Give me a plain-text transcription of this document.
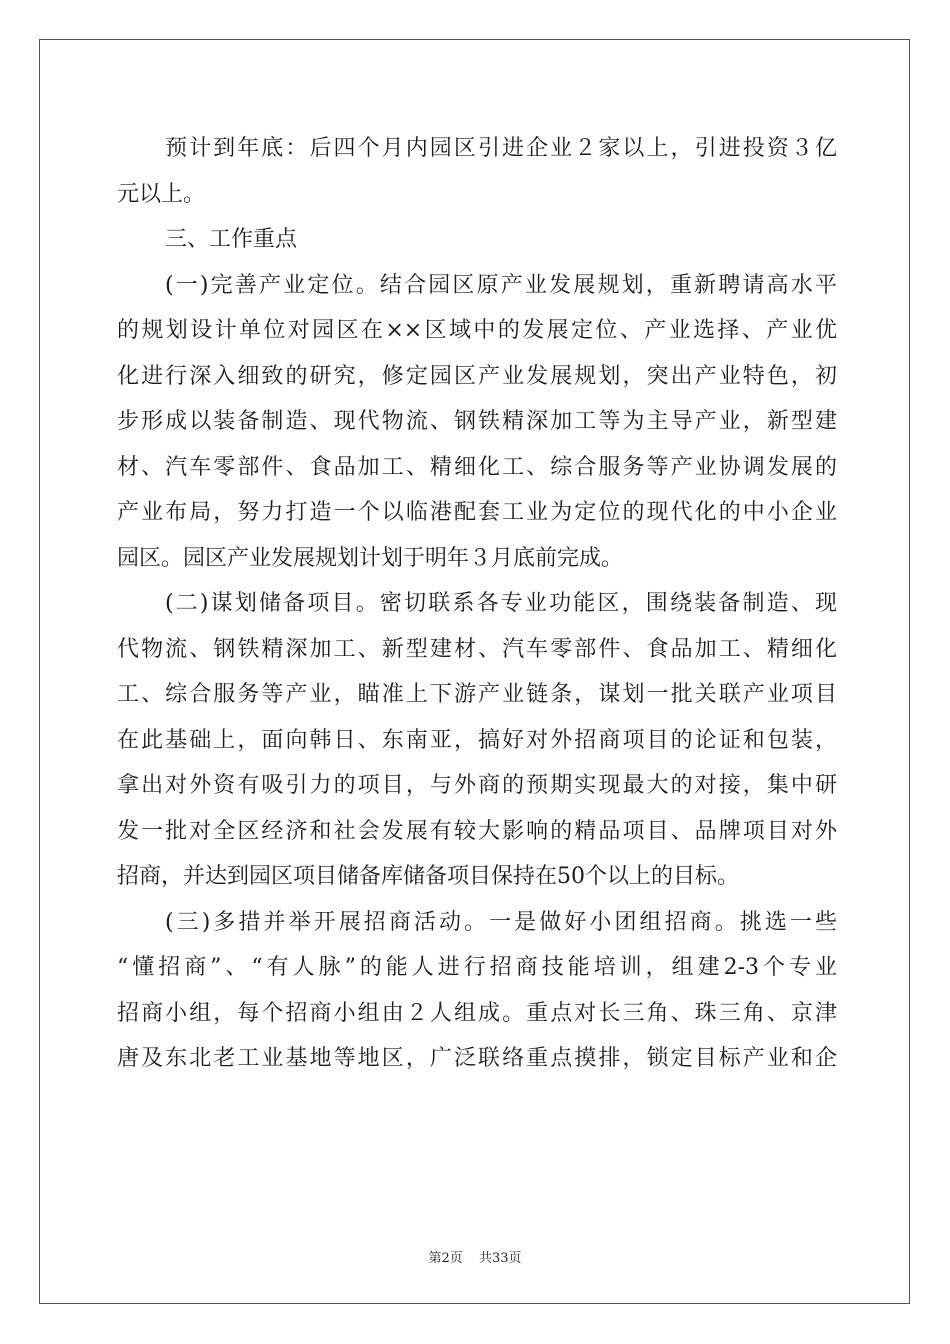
预计到年底：后四个月内园区引进企业２家以上，引进投资３亿
元以上。
三、工作重点
(一)完善产业定位。结合园区原产业发展规划，重新聘请高水平
的规划设计单位对园区在××区域中的发展定位、产业选择、产业优
化进行深入细致的研究，修定园区产业发展规划，突出产业特色，初
步形成以装备制造、现代物流、钢铁精深加工等为主导产业，新型建
材、汽车零部件、食品加工、精细化工、综合服务等产业协调发展的
产业布局，努力打造一个以临港配套工业为定位的现代化的中小企业
园区。园区产业发展规划计划于明年３月底前完成。
(二)谋划储备项目。密切联系各专业功能区，围绕装备制造、现
代物流、钢铁精深加工、新型建材、汽车零部件、食品加工、精细化
工、综合服务等产业，瞄准上下游产业链条，谋划一批关联产业项目
在此基础上，面向韩日、东南亚，搞好对外招商项目的论证和包装，
拿出对外资有吸引力的项目，与外商的预期实现最大的对接，集中研
发一批对全区经济和社会发展有较大影响的精品项目、品牌项目对外
招商，并达到园区项目储备库储备项目保持在50个以上的目标。
(三)多措并举开展招商活动。一是做好小团组招商。挑选一些
“懂招商”、“有人脉”的能人进行招商技能培训，组建2-3个专业
招商小组，每个招商小组由２人组成。重点对长三角、珠三角、京津
唐及东北老工业基地等地区，广泛联络重点摸排，锁定目标产业和企
第2页 共33页
